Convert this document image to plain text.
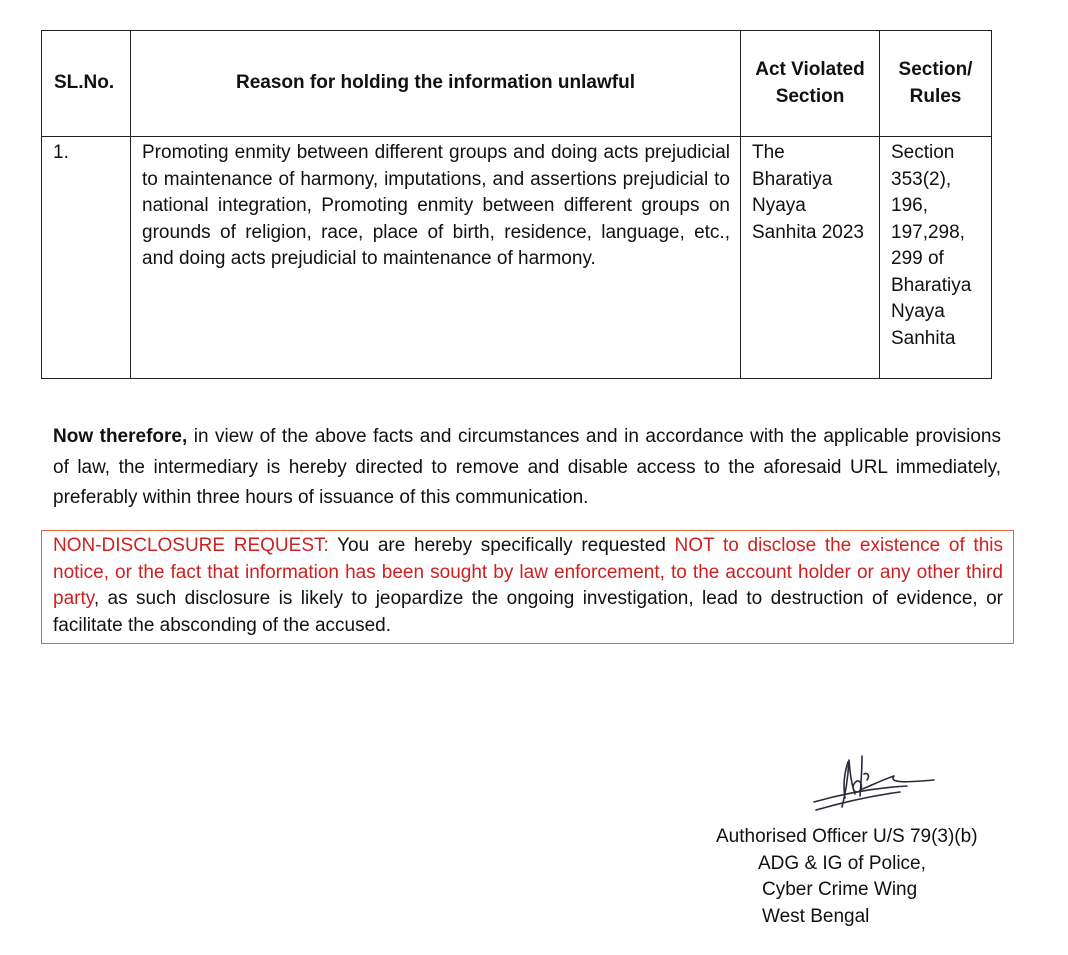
SL.No.	Reason for holding the information unlawful	Act Violated Section	Section/ Rules
1.	Promoting enmity between different groups and doing acts prejudicial to maintenance of harmony, imputations, and assertions prejudicial to national integration, Promoting enmity between different groups on grounds of religion, race, place of birth, residence, language, etc., and doing acts prejudicial to maintenance of harmony.	The Bharatiya Nyaya Sanhita 2023	Section 353(2), 196, 197,298, 299 of Bharatiya Nyaya Sanhita

Now therefore, in view of the above facts and circumstances and in accordance with the applicable provisions of law, the intermediary is hereby directed to remove and disable access to the aforesaid URL immediately, preferably within three hours of issuance of this communication.

NON-DISCLOSURE REQUEST: You are hereby specifically requested NOT to disclose the existence of this notice, or the fact that information has been sought by law enforcement, to the account holder or any other third party, as such disclosure is likely to jeopardize the ongoing investigation, lead to destruction of evidence, or facilitate the absconding of the accused.
Authorised Officer U/S 79(3)(b)
ADG & IG of Police,
Cyber Crime Wing
West Bengal
